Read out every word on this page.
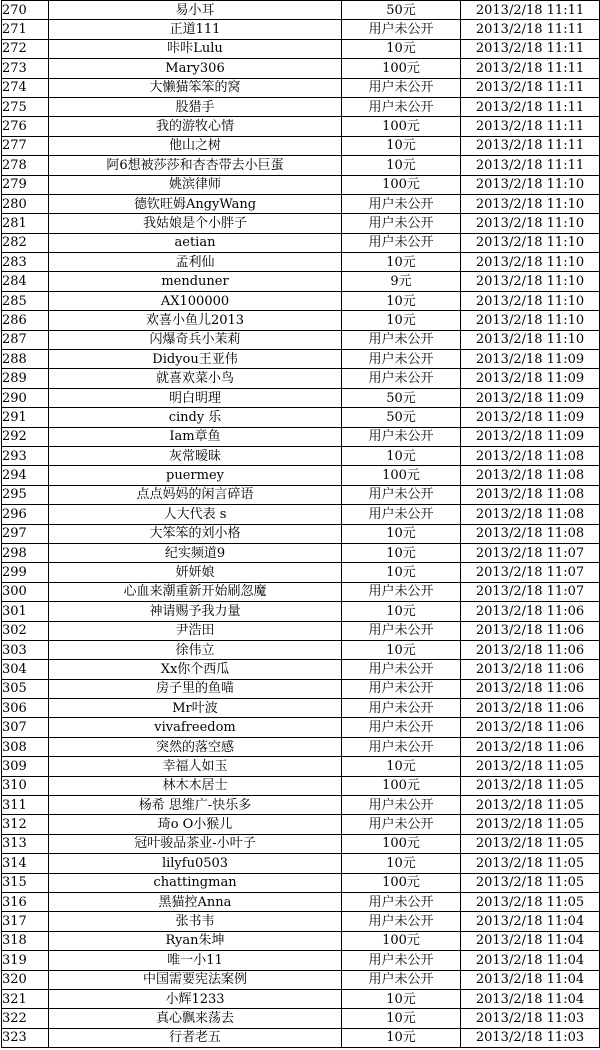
270	易小耳	50元	2013/2/18 11:11
271	正道111	用户未公开	2013/2/18 11:11
272	咔咔Lulu	10元	2013/2/18 11:11
273	Mary306	100元	2013/2/18 11:11
274	大懒猫笨笨的窝	用户未公开	2013/2/18 11:11
275	股猎手	用户未公开	2013/2/18 11:11
276	我的游牧心情	100元	2013/2/18 11:11
277	他山之树	10元	2013/2/18 11:11
278	阿6想被莎莎和杏杏带去小巨蛋	10元	2013/2/18 11:11
279	姚滨律师	100元	2013/2/18 11:10
280	德钦旺姆AngyWang	用户未公开	2013/2/18 11:10
281	我姑娘是个小胖子	用户未公开	2013/2/18 11:10
282	aetian	用户未公开	2013/2/18 11:10
283	孟利仙	10元	2013/2/18 11:10
284	menduner	9元	2013/2/18 11:10
285	AX100000	10元	2013/2/18 11:10
286	欢喜小鱼儿2013	10元	2013/2/18 11:10
287	闪爆奇兵小茉莉	用户未公开	2013/2/18 11:10
288	Didyou王亚伟	用户未公开	2013/2/18 11:09
289	就喜欢菜小鸟	用户未公开	2013/2/18 11:09
290	明白明理	50元	2013/2/18 11:09
291	cindy 乐	50元	2013/2/18 11:09
292	Iam章鱼	用户未公开	2013/2/18 11:09
293	灰常暧昧	10元	2013/2/18 11:08
294	puermey	100元	2013/2/18 11:08
295	点点妈妈的闲言碎语	用户未公开	2013/2/18 11:08
296	人大代表 s	用户未公开	2013/2/18 11:08
297	大笨笨的刘小格	10元	2013/2/18 11:08
298	纪实频道9	10元	2013/2/18 11:07
299	妍妍娘	10元	2013/2/18 11:07
300	心血来潮重新开始刷忽魔	用户未公开	2013/2/18 11:07
301	神请赐予我力量	10元	2013/2/18 11:06
302	尹浩田	用户未公开	2013/2/18 11:06
303	徐伟立	10元	2013/2/18 11:06
304	Xx你个西瓜	用户未公开	2013/2/18 11:06
305	房子里的鱼喵	用户未公开	2013/2/18 11:06
306	Mr叶波	用户未公开	2013/2/18 11:06
307	vivafreedom	用户未公开	2013/2/18 11:06
308	突然的落空感	用户未公开	2013/2/18 11:06
309	幸福人如玉	10元	2013/2/18 11:05
310	林木木居士	100元	2013/2/18 11:05
311	杨希 思维广-快乐多	用户未公开	2013/2/18 11:05
312	琦o O小猴儿	用户未公开	2013/2/18 11:05
313	冠叶骏品茶业-小叶子	100元	2013/2/18 11:05
314	lilyfu0503	10元	2013/2/18 11:05
315	chattingman	100元	2013/2/18 11:05
316	黑猫控Anna	用户未公开	2013/2/18 11:05
317	张书韦	用户未公开	2013/2/18 11:04
318	Ryan朱坤	100元	2013/2/18 11:04
319	唯一小11	用户未公开	2013/2/18 11:04
320	中国需要宪法案例	用户未公开	2013/2/18 11:04
321	小辉1233	10元	2013/2/18 11:04
322	真心飘来荡去	10元	2013/2/18 11:03
323	行者老五	10元	2013/2/18 11:03
